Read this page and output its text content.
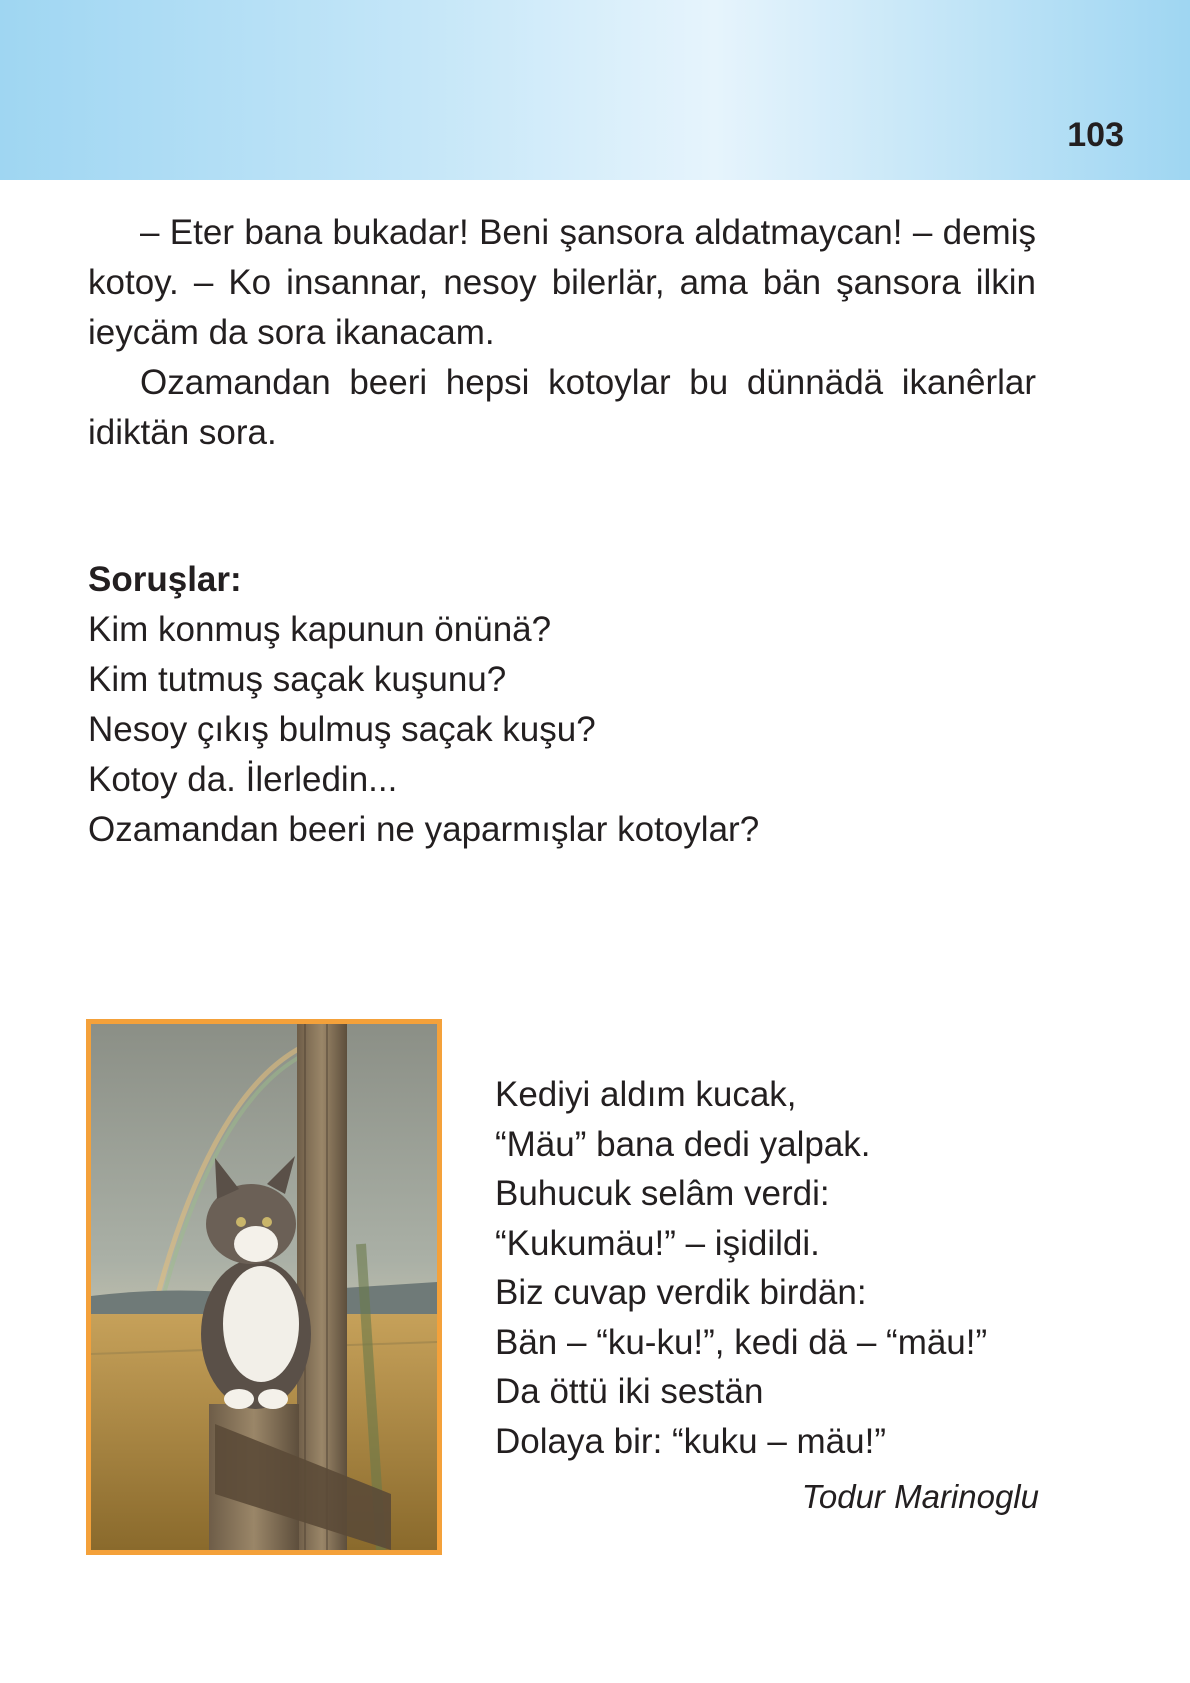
103

– Eter bana bukadar! Beni şansora aldatmaycan! – demiş kotoy. – Ko insannar, nesoy bilerlär, ama bän şansora ilkin ieycäm da sora ikanacam.

Ozamandan beeri hepsi kotoylar bu dünnädä ikanêrlar idiktän sora.

Soruşlar:

Kim konmuş kapunun önünä?

Kim tutmuş saçak kuşunu?

Nesoy çıkış bulmuş saçak kuşu?

Kotoy da. İlerledin...

Ozamandan beeri ne yaparmışlar kotoylar?

Kediyi aldım kucak,

“Mäu” bana dedi yalpak.

Buhucuk selâm verdi:

“Kukumäu!” – işidildi.

Biz cuvap verdik birdän:

Bän – “ku-ku!”, kedi dä – “mäu!”

Da öttü iki sestän

Dolaya bir: “kuku – mäu!”

Todur Marinoglu
